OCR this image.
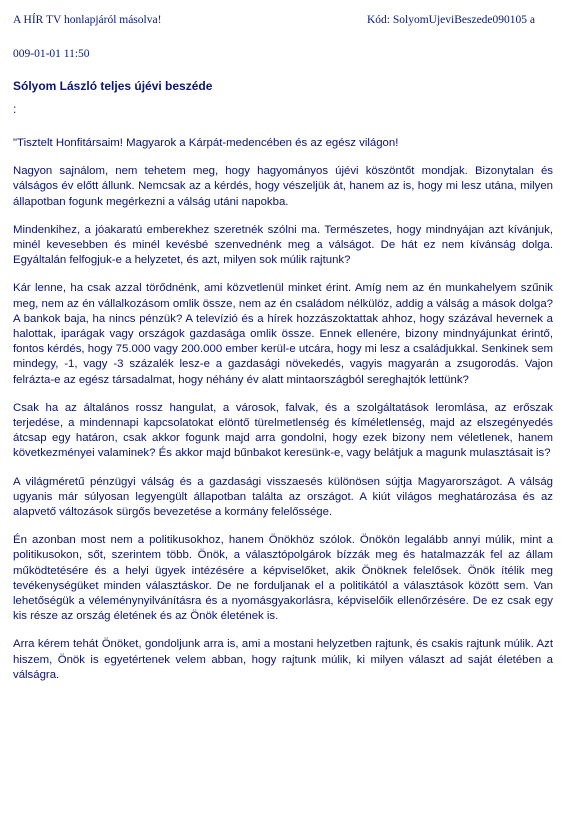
A HÍR TV honlapjáról másolva!	Kód: SolyomUjeviBeszede090105 a
009-01-01 11:50
Sólyom László teljes újévi beszéde
:

"Tisztelt Honfitársaim! Magyarok a Kárpát-medencében és az egész világon!

Nagyon sajnálom, nem tehetem meg, hogy hagyományos újévi köszöntőt mondjak. Bizonytalan és válságos év előtt állunk. Nemcsak az a kérdés, hogy vészeljük át, hanem az is, hogy mi lesz utána, milyen állapotban fogunk megérkezni a válság utáni napokba.

Mindenkihez, a jóakaratú emberekhez szeretnék szólni ma. Természetes, hogy mindnyájan azt kívánjuk, minél kevesebben és minél kevésbé szenvednénk meg a válságot. De hát ez nem kívánság dolga. Egyáltalán felfogjuk-e a helyzetet, és azt, milyen sok múlik rajtunk?

Kár lenne, ha csak azzal törődnénk, ami közvetlenül minket érint. Amíg nem az én munkahelyem szűnik meg, nem az én vállalkozásom omlik össze, nem az én családom nélkülöz, addig a válság a mások dolga? A bankok baja, ha nincs pénzük? A televízió és a hírek hozzászoktattak ahhoz, hogy százával hevernek a halottak, iparágak vagy országok gazdasága omlik össze. Ennek ellenére, bizony mindnyájunkat érintő, fontos kérdés, hogy 75.000 vagy 200.000 ember kerül-e utcára, hogy mi lesz a családjukkal. Senkinek sem mindegy, -1, vagy -3 százalék lesz-e a gazdasági növekedés, vagyis magyarán a zsugorodás. Vajon felrázta-e az egész társadalmat, hogy néhány év alatt mintaországból sereghajtók lettünk?

Csak ha az általános rossz hangulat, a városok, falvak, és a szolgáltatások leromlása, az erőszak terjedése, a mindennapi kapcsolatokat elöntő türelmetlenség és kíméletlenség, majd az elszegényedés átcsap egy határon, csak akkor fogunk majd arra gondolni, hogy ezek bizony nem véletlenek, hanem következményei valaminek? És akkor majd bűnbakot keresünk-e, vagy belátjuk a magunk mulasztásait is?

A világméretű pénzügyi válság és a gazdasági visszaesés különösen sújtja Magyarországot. A válság ugyanis már súlyosan legyengült állapotban találta az országot. A kiút világos meghatározása és az alapvető változások sürgős bevezetése a kormány felelőssége.

Én azonban most nem a politikusokhoz, hanem Önökhöz szólok. Önökön legalább annyi múlik, mint a politikusokon, sőt, szerintem több. Önök, a választópolgárok bízzák meg és hatalmazzák fel az állam működtetésére és a helyi ügyek intézésére a képviselőket, akik Önöknek felelősek. Önök ítélik meg tevékenységüket minden választáskor. De ne forduljanak el a politikától a választások között sem. Van lehetőségük a véleménynyilvánításra és a nyomásgyakorlásra, képviselőik ellenőrzésére. De ez csak egy kis része az ország életének és az Önök életének is.

Arra kérem tehát Önöket, gondoljunk arra is, ami a mostani helyzetben rajtunk, és csakis rajtunk múlik. Azt hiszem, Önök is egyetértenek velem abban, hogy rajtunk múlik, ki milyen választ ad saját életében a válságra.
